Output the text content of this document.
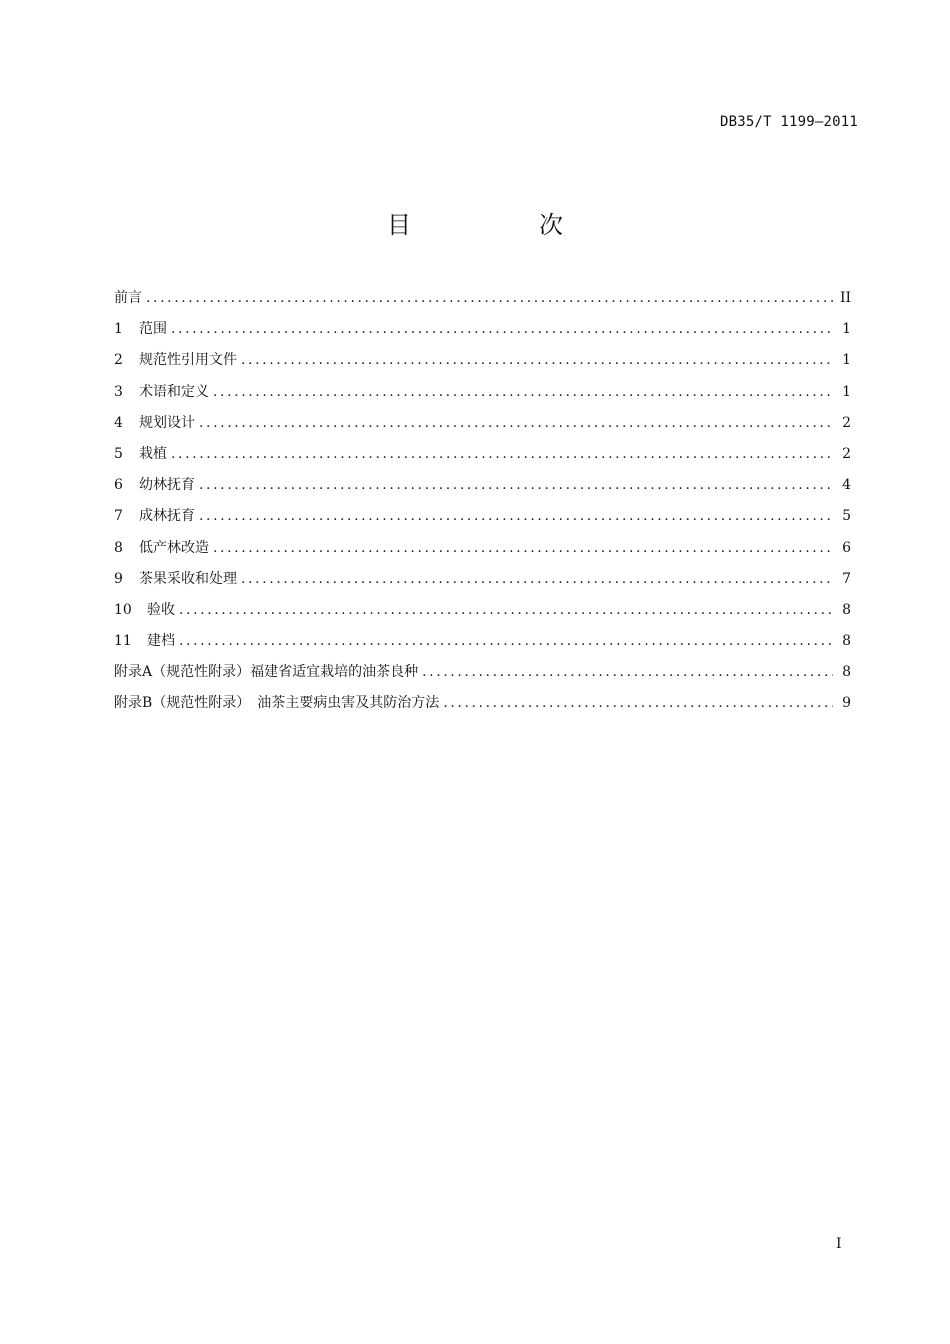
DB35/T 1199—2011
目　次
前言 .....	II
1	范围 .....	1
2	规范性引用文件 .....	1
3	术语和定义 .....	1
4	规划设计 .....	2
5	栽植 .....	2
6	幼林抚育 .....	4
7	成林抚育 .....	5
8	低产林改造 .....	6
9	茶果采收和处理 .....	7
10	验收 .....	8
11	建档 .....	8
附录A（规范性附录）福建省适宜栽培的油茶良种 .....	8
附录B（规范性附录）　油茶主要病虫害及其防治方法 .....	9
I
